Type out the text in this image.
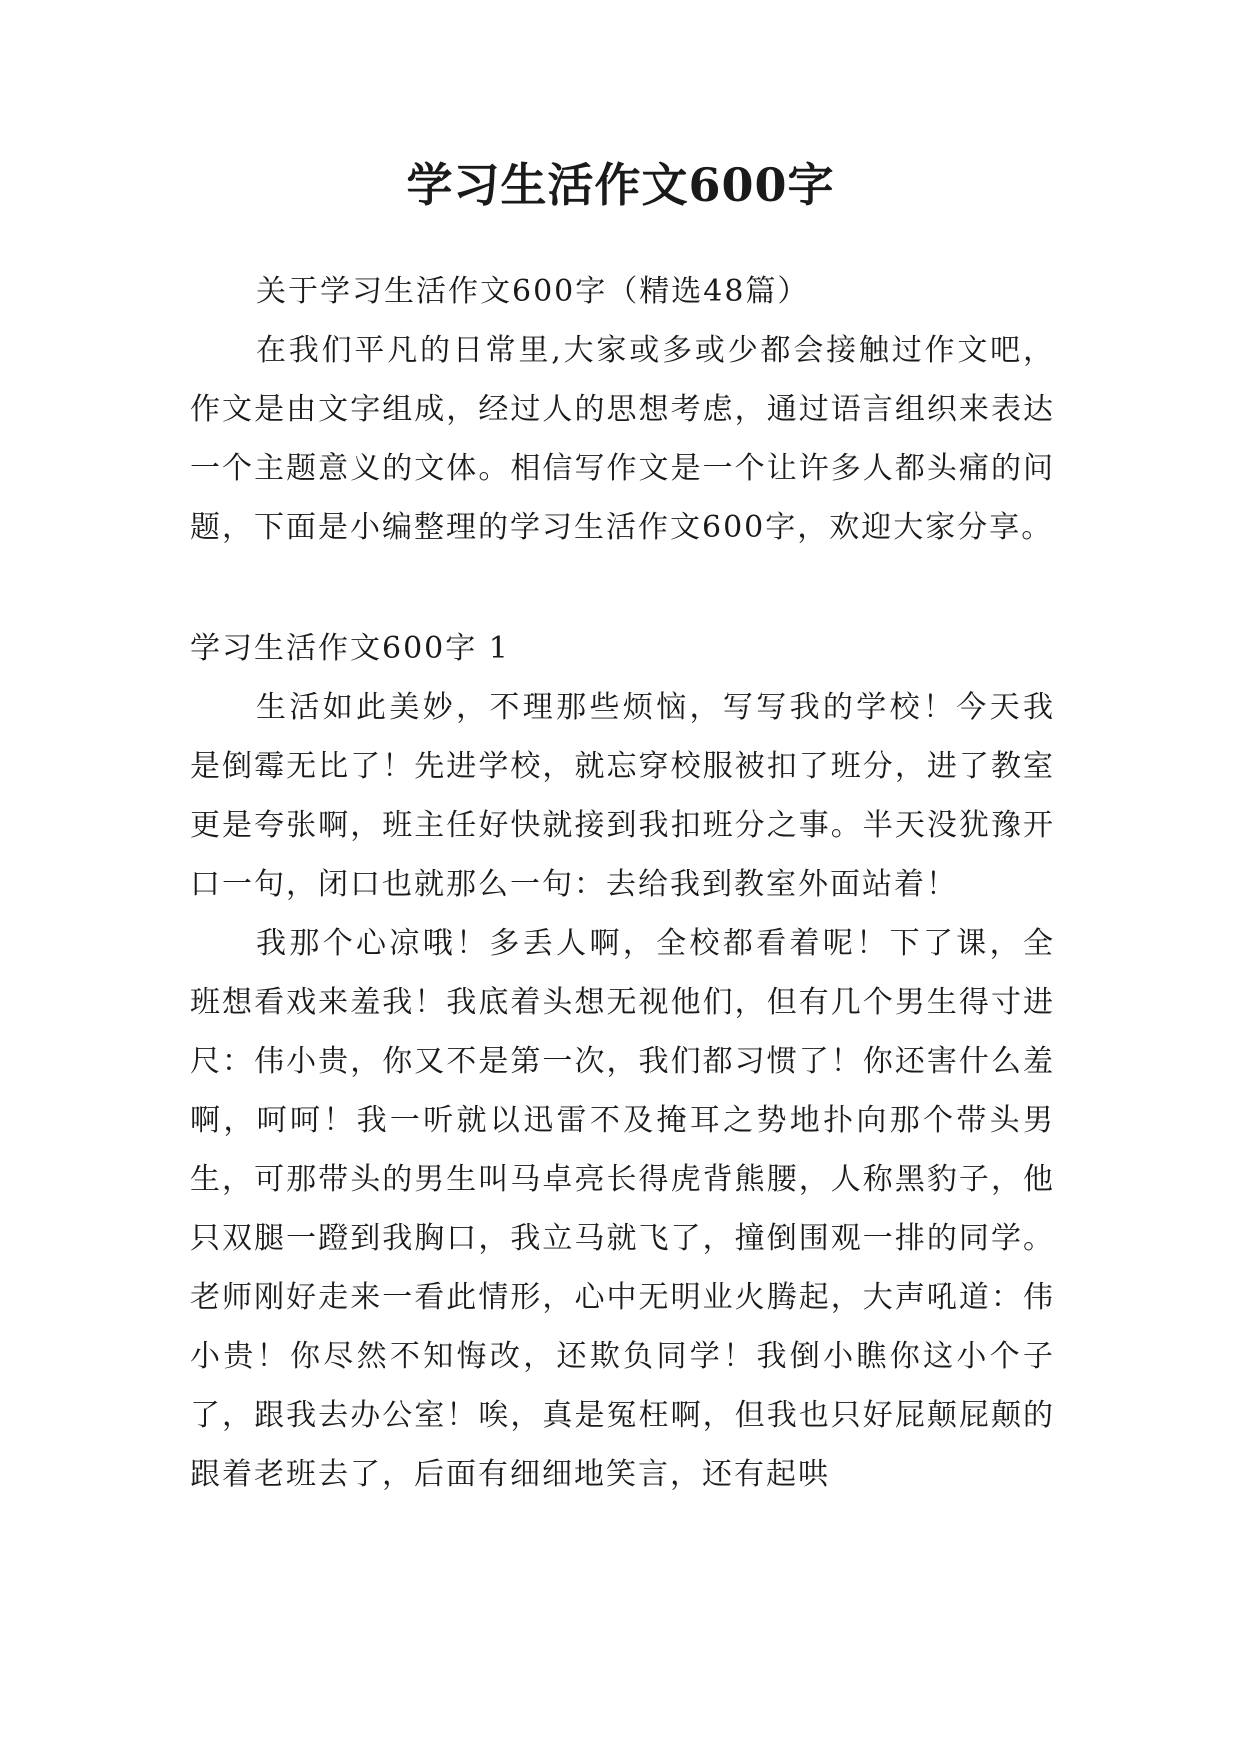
学习生活作文600字

关于学习生活作文600字（精选48篇）

在我们平凡的日常里,大家或多或少都会接触过作文吧，作文是由文字组成，经过人的思想考虑，通过语言组织来表达一个主题意义的文体。相信写作文是一个让许多人都头痛的问题，下面是小编整理的学习生活作文600字，欢迎大家分享。

学习生活作文600字 1

生活如此美妙，不理那些烦恼，写写我的学校！今天我是倒霉无比了！先进学校，就忘穿校服被扣了班分，进了教室更是夸张啊，班主任好快就接到我扣班分之事。半天没犹豫开口一句，闭口也就那么一句：去给我到教室外面站着！

我那个心凉哦！多丢人啊，全校都看着呢！下了课，全班想看戏来羞我！我底着头想无视他们，但有几个男生得寸进尺：伟小贵，你又不是第一次，我们都习惯了！你还害什么羞啊，呵呵！我一听就以迅雷不及掩耳之势地扑向那个带头男生，可那带头的男生叫马卓亮长得虎背熊腰，人称黑豹子，他只双腿一蹬到我胸口，我立马就飞了，撞倒围观一排的同学。老师刚好走来一看此情形，心中无明业火腾起，大声吼道：伟小贵！你尽然不知悔改，还欺负同学！我倒小瞧你这小个子了，跟我去办公室！唉，真是冤枉啊，但我也只好屁颠屁颠的跟着老班去了，后面有细细地笑言，还有起哄
